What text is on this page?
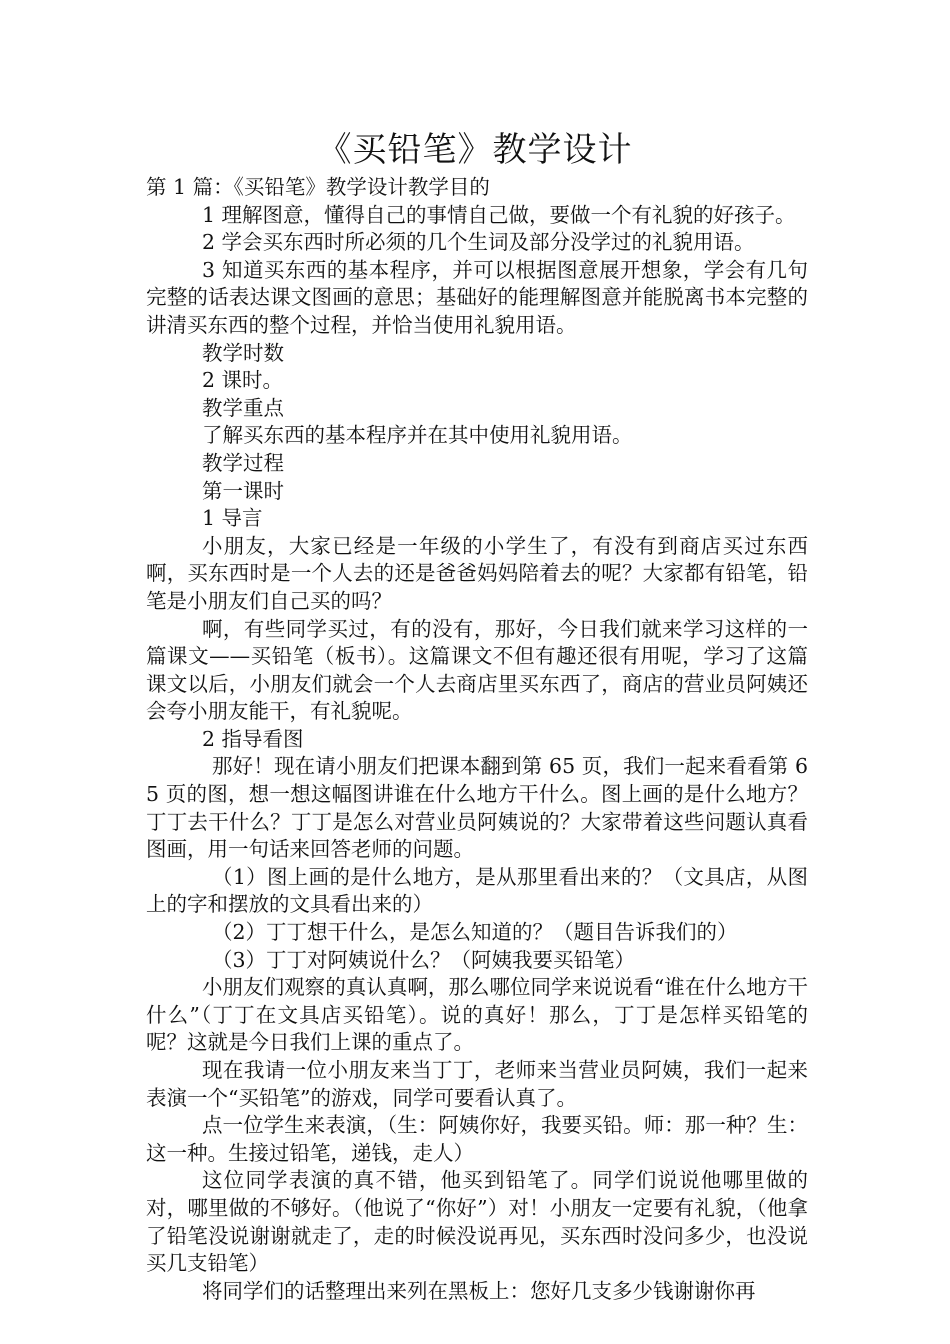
《买铅笔》教学设计

第 1 篇：《买铅笔》教学设计教学目的

1 理解图意，懂得自己的事情自己做，要做一个有礼貌的好孩子。

2 学会买东西时所必须的几个生词及部分没学过的礼貌用语。

3 知道买东西的基本程序，并可以根据图意展开想象，学会有几句完整的话表达课文图画的意思；基础好的能理解图意并能脱离书本完整的讲清买东西的整个过程，并恰当使用礼貌用语。

教学时数

2 课时。

教学重点

了解买东西的基本程序并在其中使用礼貌用语。

教学过程

第一课时

1 导言

小朋友，大家已经是一年级的小学生了，有没有到商店买过东西啊，买东西时是一个人去的还是爸爸妈妈陪着去的呢？大家都有铅笔，铅笔是小朋友们自己买的吗？

啊，有些同学买过，有的没有，那好，今日我们就来学习这样的一篇课文——买铅笔（板书）。这篇课文不但有趣还很有用呢，学习了这篇课文以后，小朋友们就会一个人去商店里买东西了，商店的营业员阿姨还会夸小朋友能干，有礼貌呢。

2 指导看图

那好！现在请小朋友们把课本翻到第 65 页，我们一起来看看第 65 页的图，想一想这幅图讲谁在什么地方干什么。图上画的是什么地方？丁丁去干什么？丁丁是怎么对营业员阿姨说的？大家带着这些问题认真看图画，用一句话来回答老师的问题。

（1）图上画的是什么地方，是从那里看出来的？（文具店，从图上的字和摆放的文具看出来的）

（2）丁丁想干什么，是怎么知道的？（题目告诉我们的）

（3）丁丁对阿姨说什么？（阿姨我要买铅笔）

小朋友们观察的真认真啊，那么哪位同学来说说看“谁在什么地方干什么”（丁丁在文具店买铅笔）。说的真好！那么，丁丁是怎样买铅笔的呢？这就是今日我们上课的重点了。

现在我请一位小朋友来当丁丁，老师来当营业员阿姨，我们一起来表演一个“买铅笔”的游戏，同学可要看认真了。

点一位学生来表演，（生：阿姨你好，我要买铅。师：那一种？生：这一种。生接过铅笔，递钱，走人）

这位同学表演的真不错，他买到铅笔了。同学们说说他哪里做的对，哪里做的不够好。（他说了“你好”）对！小朋友一定要有礼貌，（他拿了铅笔没说谢谢就走了，走的时候没说再见，买东西时没问多少，也没说买几支铅笔）

将同学们的话整理出来列在黑板上：您好几支多少钱谢谢你再
